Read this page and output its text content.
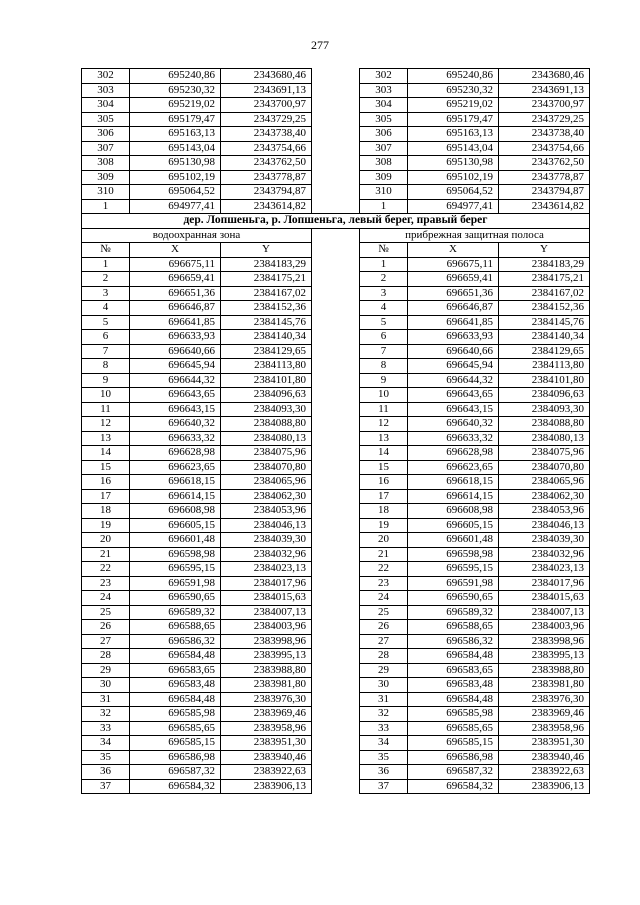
277
302	695240,86	2343680,46		302	695240,86	2343680,46
303	695230,32	2343691,13		303	695230,32	2343691,13
304	695219,02	2343700,97		304	695219,02	2343700,97
305	695179,47	2343729,25		305	695179,47	2343729,25
306	695163,13	2343738,40		306	695163,13	2343738,40
307	695143,04	2343754,66		307	695143,04	2343754,66
308	695130,98	2343762,50		308	695130,98	2343762,50
309	695102,19	2343778,87		309	695102,19	2343778,87
310	695064,52	2343794,87		310	695064,52	2343794,87
1	694977,41	2343614,82		1	694977,41	2343614,82
дер. Лопшеньга, р. Лопшеньга, левый берег, правый берег						
водоохранная зона				прибрежная защитная полоса		
№	X	Y		№	X	Y
1	696675,11	2384183,29		1	696675,11	2384183,29
2	696659,41	2384175,21		2	696659,41	2384175,21
3	696651,36	2384167,02		3	696651,36	2384167,02
4	696646,87	2384152,36		4	696646,87	2384152,36
5	696641,85	2384145,76		5	696641,85	2384145,76
6	696633,93	2384140,34		6	696633,93	2384140,34
7	696640,66	2384129,65		7	696640,66	2384129,65
8	696645,94	2384113,80		8	696645,94	2384113,80
9	696644,32	2384101,80		9	696644,32	2384101,80
10	696643,65	2384096,63		10	696643,65	2384096,63
11	696643,15	2384093,30		11	696643,15	2384093,30
12	696640,32	2384088,80		12	696640,32	2384088,80
13	696633,32	2384080,13		13	696633,32	2384080,13
14	696628,98	2384075,96		14	696628,98	2384075,96
15	696623,65	2384070,80		15	696623,65	2384070,80
16	696618,15	2384065,96		16	696618,15	2384065,96
17	696614,15	2384062,30		17	696614,15	2384062,30
18	696608,98	2384053,96		18	696608,98	2384053,96
19	696605,15	2384046,13		19	696605,15	2384046,13
20	696601,48	2384039,30		20	696601,48	2384039,30
21	696598,98	2384032,96		21	696598,98	2384032,96
22	696595,15	2384023,13		22	696595,15	2384023,13
23	696591,98	2384017,96		23	696591,98	2384017,96
24	696590,65	2384015,63		24	696590,65	2384015,63
25	696589,32	2384007,13		25	696589,32	2384007,13
26	696588,65	2384003,96		26	696588,65	2384003,96
27	696586,32	2383998,96		27	696586,32	2383998,96
28	696584,48	2383995,13		28	696584,48	2383995,13
29	696583,65	2383988,80		29	696583,65	2383988,80
30	696583,48	2383981,80		30	696583,48	2383981,80
31	696584,48	2383976,30		31	696584,48	2383976,30
32	696585,98	2383969,46		32	696585,98	2383969,46
33	696585,65	2383958,96		33	696585,65	2383958,96
34	696585,15	2383951,30		34	696585,15	2383951,30
35	696586,98	2383940,46		35	696586,98	2383940,46
36	696587,32	2383922,63		36	696587,32	2383922,63
37	696584,32	2383906,13		37	696584,32	2383906,13
